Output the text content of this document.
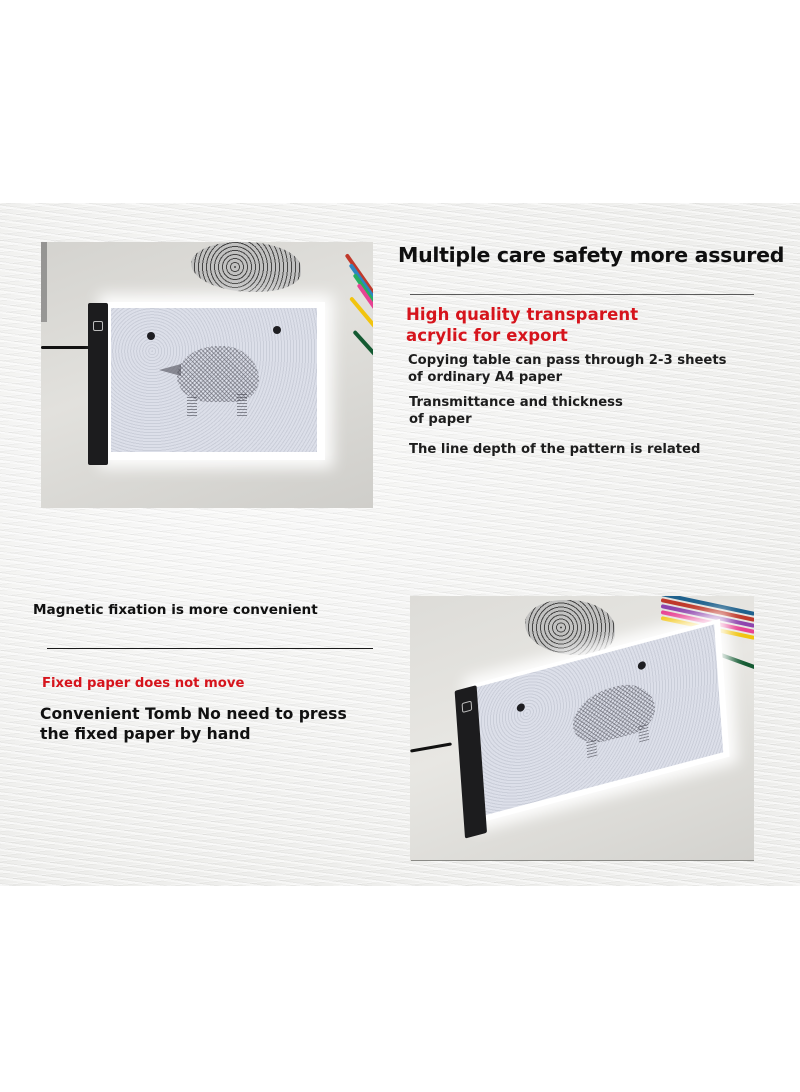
Multiple care safety more assured
High quality transparent acrylic for export
Copying table can pass through 2-3 sheets of ordinary A4 paper
Transmittance and thickness of paper
The line depth of the pattern is related
Magnetic fixation is more convenient
Fixed paper does not move
Convenient Tomb No need to press the fixed paper by hand
